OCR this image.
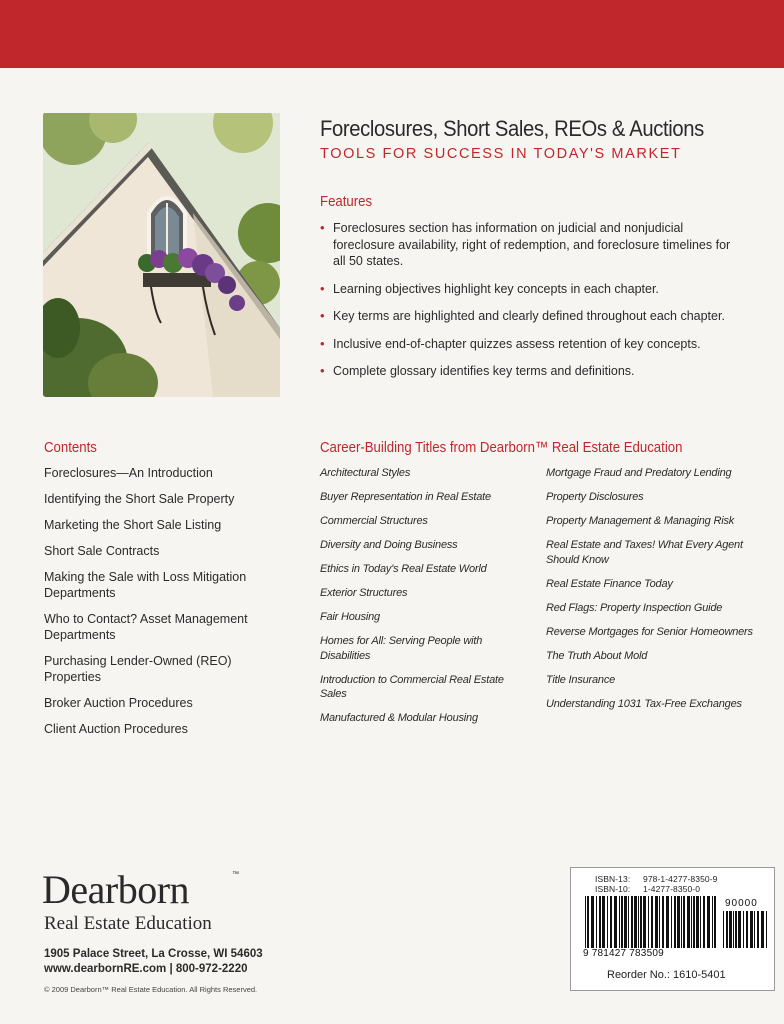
Foreclosures, Short Sales, REOs & Auctions
TOOLS FOR SUCCESS IN TODAY'S MARKET
Features
• Foreclosures section has information on judicial and nonjudicial foreclosure availability, right of redemption, and foreclosure timelines for all 50 states.
• Learning objectives highlight key concepts in each chapter.
• Key terms are highlighted and clearly defined throughout each chapter.
• Inclusive end-of-chapter quizzes assess retention of key concepts.
• Complete glossary identifies key terms and definitions.
Contents
Foreclosures—An Introduction
Identifying the Short Sale Property
Marketing the Short Sale Listing
Short Sale Contracts
Making the Sale with Loss Mitigation Departments
Who to Contact? Asset Management Departments
Purchasing Lender-Owned (REO) Properties
Broker Auction Procedures
Client Auction Procedures
Career-Building Titles from Dearborn™ Real Estate Education
Architectural Styles
Buyer Representation in Real Estate
Commercial Structures
Diversity and Doing Business
Ethics in Today's Real Estate World
Exterior Structures
Fair Housing
Homes for All: Serving People with Disabilities
Introduction to Commercial Real Estate Sales
Manufactured & Modular Housing
Mortgage Fraud and Predatory Lending
Property Disclosures
Property Management & Managing Risk
Real Estate and Taxes! What Every Agent Should Know
Real Estate Finance Today
Red Flags: Property Inspection Guide
Reverse Mortgages for Senior Homeowners
The Truth About Mold
Title Insurance
Understanding 1031 Tax-Free Exchanges
Dearborn	™
Real Estate Education
1905 Palace Street, La Crosse, WI 54603
www.dearbornRE.com | 800-972-2220
© 2009 Dearborn™ Real Estate Education. All Rights Reserved.
ISBN-13: 978-1-4277-8350-9
ISBN-10: 1-4277-8350-0
90000
9 781427 783509
Reorder No.: 1610-5401
